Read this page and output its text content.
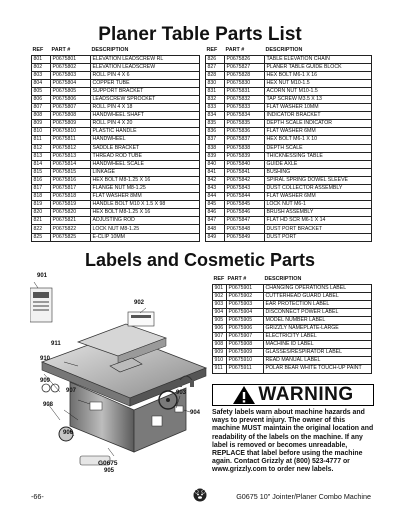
Planer Table Parts List
REF	PART #	DESCRIPTION
801	P0675801	ELEVATION LEADSCREW RL
802	P0675802	ELEVATION LEADSCREW
803	P0675803	ROLL PIN 4 X 6
804	P0675804	COPPER TUBE
805	P0675805	SUPPORT BRACKET
806	P0675806	LEADSCREW SPROCKET
807	P0675807	ROLL PIN 4 X 18
808	P0675808	HANDWHEEL SHAFT
809	P0675809	ROLL PIN 4 X 20
810	P0675810	PLASTIC HANDLE
811	P0675811	HANDWHEEL
812	P0675812	SADDLE BRACKET
813	P0675813	THREAD ROD TUBE
814	P0675814	HANDWHEEL SCALE
815	P0675815	LINKAGE
816	P0675816	HEX BOLT M8-1.25 X 16
817	P0675817	FLANGE NUT M8-1.25
818	P0675818	FLAT WASHER 8MM
819	P0675819	HANDLE BOLT M10 X 1.5 X 98
820	P0675820	HEX BOLT M8-1.25 X 16
821	P0675821	ADJUSTING ROD
822	P0675822	LOCK NUT M8-1.25
825	P0675825	E-CLIP 10MM
REF	PART #	DESCRIPTION
826	P0675826	TABLE ELEVATION CHAIN
827	P0675827	PLANER TABLE GUIDE BLOCK
828	P0675828	HEX BOLT M6-1 X 16
830	P0675830	HEX NUT M10-1.5
831	P0675831	ACORN NUT M10-1.5
832	P0675832	TAP SCREW M3.5 X 13
833	P0675833	FLAT WASHER 10MM
834	P0675834	INDICATOR BRACKET
835	P0675835	DEPTH SCALE INDICATOR
836	P0675836	FLAT WASHER 6MM
837	P0675837	HEX BOLT M6-1 X 10
838	P0675838	DEPTH SCALE
839	P0675839	THICKNESSING TABLE
840	P0675840	GUIDE AXLE
841	P0675841	BUSHING
842	P0675842	SPIRAL SPRING DOWEL SLEEVE
843	P0675843	DUST COLLECTOR ASSEMBLY
844	P0675844	FLAT WASHER 6MM
845	P0675845	LOCK NUT M6-1
846	P0675846	BRUSH ASSEMBLY
847	P0675847	FLAT HD SCR M6-1 X 14
848	P0675848	DUST PORT BRACKET
849	P0675849	DUST PORT
Labels and Cosmetic Parts
REF	PART #	DESCRIPTION
901	P0675901	CHANGING OPERATIONS LABEL
902	P0675902	CUTTERHEAD GUARD LABEL
903	P0675903	EAR PROTECTION LABEL
904	P0675904	DISCONNECT POWER LABEL
905	P0675905	MODEL NUMBER LABEL
906	P0675906	GRIZZLY NAMEPLATE-LARGE
907	P0675907	ELECTRICITY LABEL
908	P0675908	MACHINE ID LABEL
909	P0675909	GLASSES/RESPIRATOR LABEL
910	P0675910	READ MANUAL LABEL
911	P0675911	POLAR BEAR WHITE TOUCH-UP PAINT
901
902
911
910
909
907
908
906
903
904
G0675
905
WARNING
Safety labels warn about machine hazards and ways to prevent injury. The owner of this machine MUST maintain the original location and readability of the labels on the machine. If any label is removed or becomes unreadable, REPLACE that label before using the machine again. Contact Grizzly at (800) 523-4777 or www.grizzly.com to order new labels.
-66-	G0675 10" Jointer/Planer Combo Machine
